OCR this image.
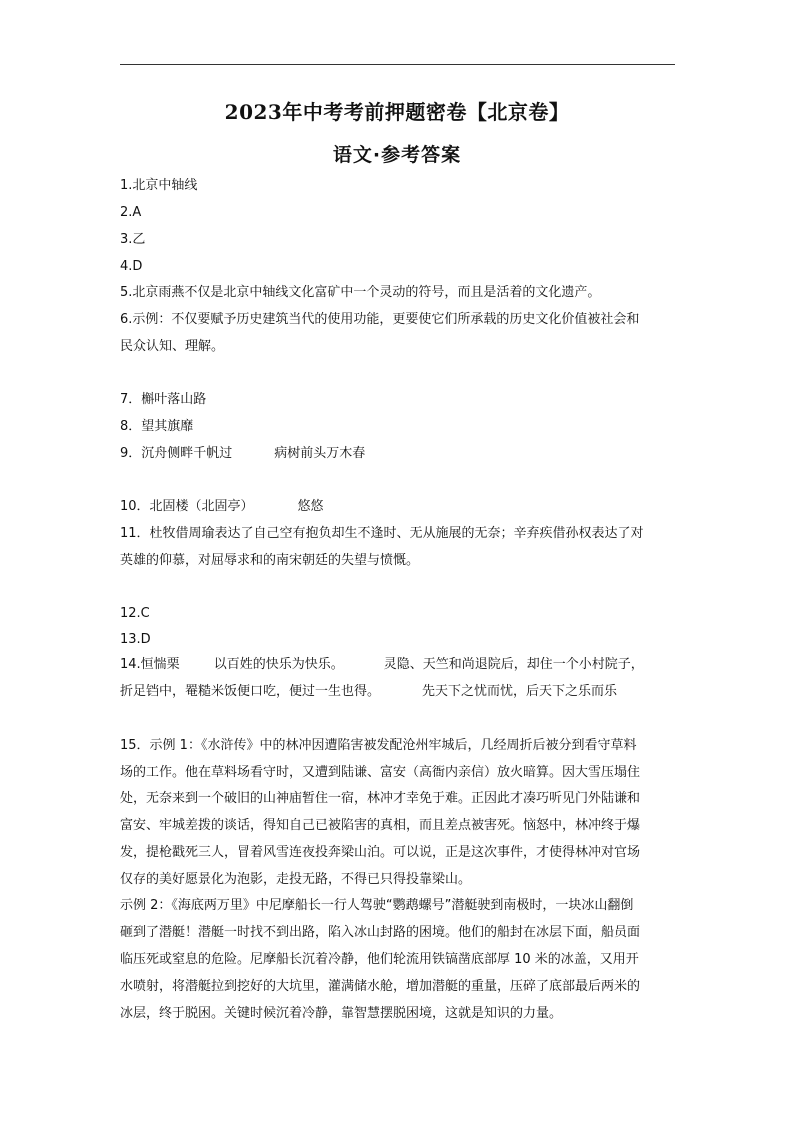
2023年中考考前押题密卷【北京卷】
语文·参考答案
1.北京中轴线
2.A
3.乙
4.D
5.北京雨燕不仅是北京中轴线文化富矿中一个灵动的符号，而且是活着的文化遗产。
6.示例：不仅要赋予历史建筑当代的使用功能，更要使它们所承载的历史文化价值被社会和
民众认知、理解。
7．槲叶落山路
8．望其旗靡
9．沉舟侧畔千帆过	病树前头万木春
10．北固楼（北固亭）	悠悠
11．杜牧借周瑜表达了自己空有抱负却生不逢时、无从施展的无奈；辛弃疾借孙权表达了对
英雄的仰慕，对屈辱求和的南宋朝廷的失望与愤慨。
12.C
13.D
14.恒惴栗	以百姓的快乐为快乐。	灵隐、天竺和尚退院后，却住一个小村院子，
折足铛中，罨糙米饭便口吃，便过一生也得。	先天下之忧而忧，后天下之乐而乐
15．示例 1：《水浒传》中的林冲因遭陷害被发配沧州牢城后，几经周折后被分到看守草料
场的工作。他在草料场看守时，又遭到陆谦、富安（高衙内亲信）放火暗算。因大雪压塌住
处，无奈来到一个破旧的山神庙暂住一宿，林冲才幸免于难。正因此才凑巧听见门外陆谦和
富安、牢城差拨的谈话，得知自己已被陷害的真相，而且差点被害死。恼怒中，林冲终于爆
发，提枪戳死三人，冒着风雪连夜投奔梁山泊。可以说，正是这次事件，才使得林冲对官场
仅存的美好愿景化为泡影，走投无路，不得已只得投靠梁山。
示例 2：《海底两万里》中尼摩船长一行人驾驶“鹦鹉螺号”潜艇驶到南极时，一块冰山翻倒
砸到了潜艇！潜艇一时找不到出路，陷入冰山封路的困境。他们的船封在冰层下面，船员面
临压死或窒息的危险。尼摩船长沉着冷静，他们轮流用铁镐凿底部厚 10 米的冰盖，又用开
水喷射，将潜艇拉到挖好的大坑里，灌满储水舱，增加潜艇的重量，压碎了底部最后两米的
冰层，终于脱困。关键时候沉着冷静，靠智慧摆脱困境，这就是知识的力量。
